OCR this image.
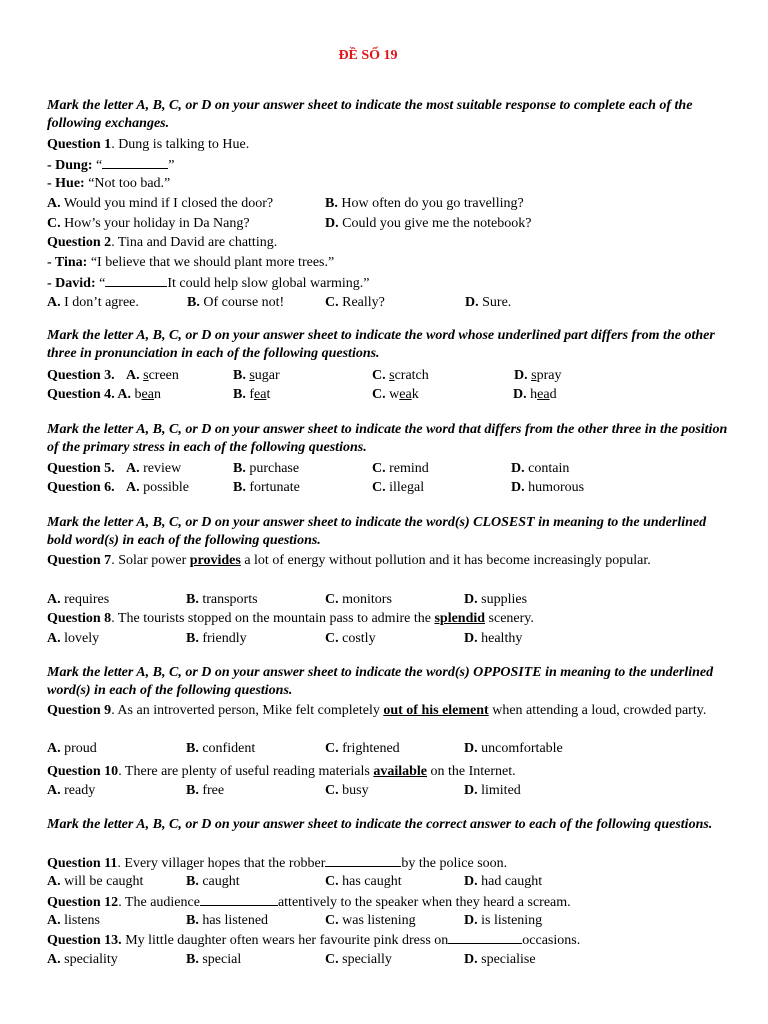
ĐỀ SỐ 19
Mark the letter A, B, C, or D on your answer sheet to indicate the most suitable response to complete each of the following exchanges.
Question 1. Dung is talking to Hue.
- Dung: “	”
- Hue: “Not too bad.”
A. Would you mind if I closed the door?	B. How often do you go travelling?
C. How’s your holiday in Da Nang?	D. Could you give me the notebook?
Question 2. Tina and David are chatting.
- Tina: “I believe that we should plant more trees.”
- David: “	It could help slow global warming.”
A. I don’t agree.	B. Of course not!	C. Really?	D. Sure.
Mark the letter A, B, C, or D on your answer sheet to indicate the word whose underlined part differs from the other three in pronunciation in each of the following questions.
Question 3. A. screen	B. sugar	C. scratch	D. spray
Question 4. A. bean	B. feat	C. weak	D. head
Mark the letter A, B, C, or D on your answer sheet to indicate the word that differs from the other three in the position of the primary stress in each of the following questions.
Question 5. A. review	B. purchase	C. remind	D. contain
Question 6. A. possible	B. fortunate	C. illegal	D. humorous
Mark the letter A, B, C, or D on your answer sheet to indicate the word(s) CLOSEST in meaning to the underlined bold word(s) in each of the following questions.
Question 7. Solar power provides a lot of energy without pollution and it has become increasingly popular.
A. requires	B. transports	C. monitors	D. supplies
Question 8. The tourists stopped on the mountain pass to admire the splendid scenery.
A. lovely	B. friendly	C. costly	D. healthy
Mark the letter A, B, C, or D on your answer sheet to indicate the word(s) OPPOSITE in meaning to the underlined word(s) in each of the following questions.
Question 9. As an introverted person, Mike felt completely out of his element when attending a loud, crowded party.
A. proud	B. confident	C. frightened	D. uncomfortable
Question 10. There are plenty of useful reading materials available on the Internet.
A. ready	B. free	C. busy	D. limited
Mark the letter A, B, C, or D on your answer sheet to indicate the correct answer to each of the following questions.
Question 11. Every villager hopes that the robber	by the police soon.
A. will be caught	B. caught	C. has caught	D. had caught
Question 12. The audience	attentively to the speaker when they heard a scream.
A. listens	B. has listened	C. was listening	D. is listening
Question 13. My little daughter often wears her favourite pink dress on	occasions.
A. speciality	B. special	C. specially	D. specialise
